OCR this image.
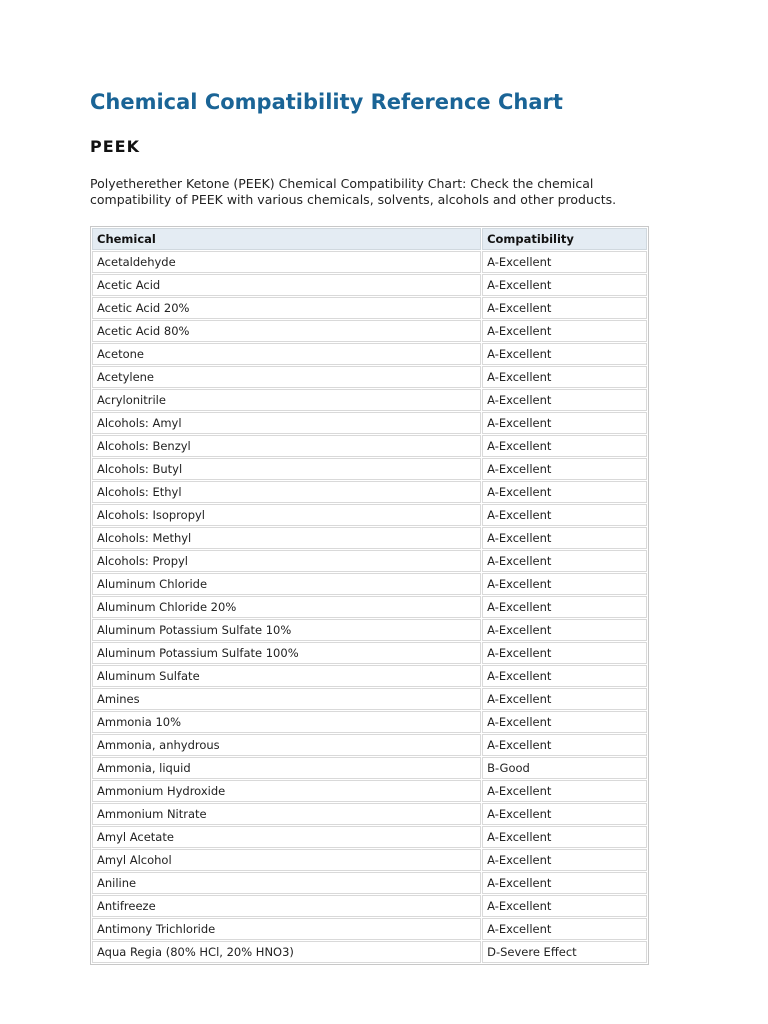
Chemical Compatibility Reference Chart
PEEK

Polyetherether Ketone (PEEK) Chemical Compatibility Chart: Check the chemical compatibility of PEEK with various chemicals, solvents, alcohols and other products.

Chemical	Compatibility
Acetaldehyde	A-Excellent
Acetic Acid	A-Excellent
Acetic Acid 20%	A-Excellent
Acetic Acid 80%	A-Excellent
Acetone	A-Excellent
Acetylene	A-Excellent
Acrylonitrile	A-Excellent
Alcohols: Amyl	A-Excellent
Alcohols: Benzyl	A-Excellent
Alcohols: Butyl	A-Excellent
Alcohols: Ethyl	A-Excellent
Alcohols: Isopropyl	A-Excellent
Alcohols: Methyl	A-Excellent
Alcohols: Propyl	A-Excellent
Aluminum Chloride	A-Excellent
Aluminum Chloride 20%	A-Excellent
Aluminum Potassium Sulfate 10%	A-Excellent
Aluminum Potassium Sulfate 100%	A-Excellent
Aluminum Sulfate	A-Excellent
Amines	A-Excellent
Ammonia 10%	A-Excellent
Ammonia, anhydrous	A-Excellent
Ammonia, liquid	B-Good
Ammonium Hydroxide	A-Excellent
Ammonium Nitrate	A-Excellent
Amyl Acetate	A-Excellent
Amyl Alcohol	A-Excellent
Aniline	A-Excellent
Antifreeze	A-Excellent
Antimony Trichloride	A-Excellent
Aqua Regia (80% HCl, 20% HNO3)	D-Severe Effect
